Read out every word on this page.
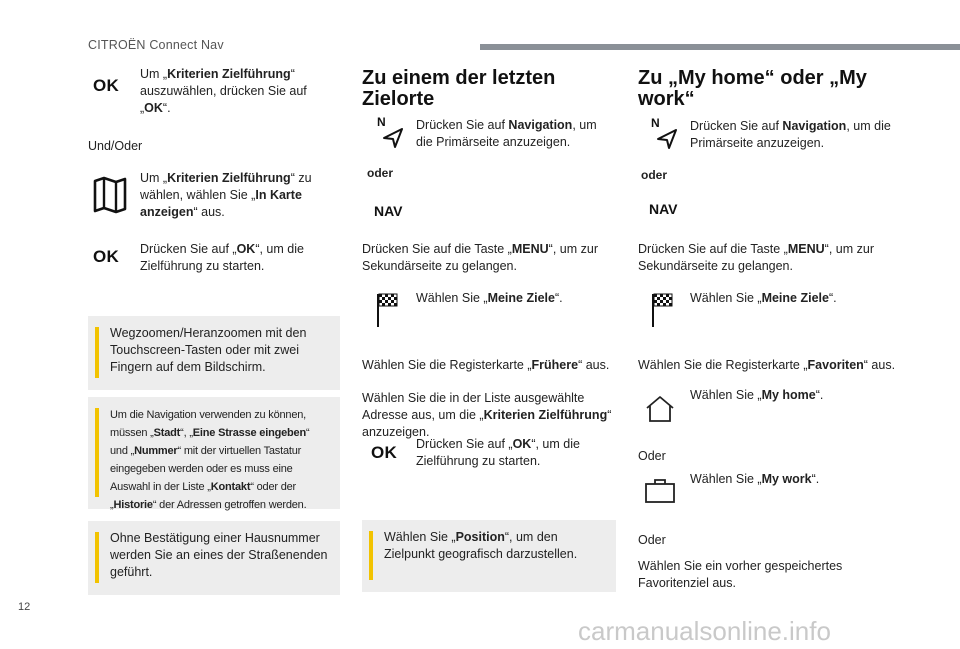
CITROËN Connect Nav
OK
Um „Kriterien Zielführung“ auszuwählen, drücken Sie auf „OK“.
Und/Oder
Um „Kriterien Zielführung“ zu wählen, wählen Sie „In Karte anzeigen“ aus.
OK Drücken Sie auf „OK“, um die Zielführung zu starten.
Wegzoomen/Heranzoomen mit den Touchscreen-Tasten oder mit zwei Fingern auf dem Bildschirm.
Um die Navigation verwenden zu können, müssen „Stadt“, „Eine Strasse eingeben“ und „Nummer“ mit der virtuellen Tastatur eingegeben werden oder es muss eine Auswahl in der Liste „Kontakt“ oder der „Historie“ der Adressen getroffen werden.
Ohne Bestätigung einer Hausnummer werden Sie an eines der Straßenenden geführt.
Zu einem der letzten Zielorte
N Drücken Sie auf Navigation, um die Primärseite anzuzeigen.
oder
NAV
Drücken Sie auf die Taste „MENU“, um zur Sekundärseite zu gelangen.
Wählen Sie „Meine Ziele“.
Wählen Sie die Registerkarte „Frühere“ aus.
Wählen Sie die in der Liste ausgewählte Adresse aus, um die „Kriterien Zielführung“ anzuzeigen.
OK Drücken Sie auf „OK“, um die Zielführung zu starten.
Wählen Sie „Position“, um den Zielpunkt geografisch darzustellen.
Zu „My home“ oder „My work“
N Drücken Sie auf Navigation, um die Primärseite anzuzeigen.
oder
NAV
Drücken Sie auf die Taste „MENU“, um zur Sekundärseite zu gelangen.
Wählen Sie „Meine Ziele“.
Wählen Sie die Registerkarte „Favoriten“ aus.
Wählen Sie „My home“.
Oder
Wählen Sie „My work“.
Oder
Wählen Sie ein vorher gespeichertes Favoritenziel aus.
12
carmanualsonline.info
